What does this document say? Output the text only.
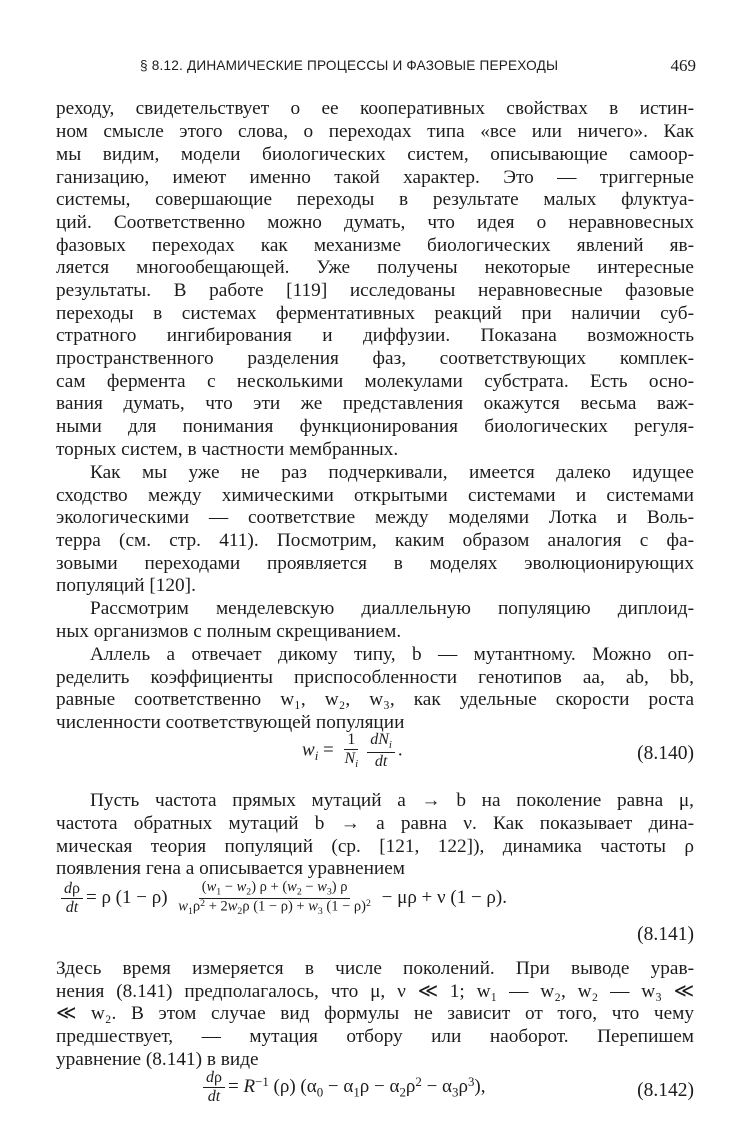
§ 8.12. ДИНАМИЧЕСКИЕ ПРОЦЕССЫ И ФАЗОВЫЕ ПЕРЕХОДЫ	469
реходу, свидетельствует о ее кооперативных свойствах в истин-
ном смысле этого слова, о переходах типа «все или ничего». Как
мы видим, модели биологических систем, описывающие самоор-
ганизацию, имеют именно такой характер. Это — триггерные
системы, совершающие переходы в результате малых флуктуа-
ций. Соответственно можно думать, что идея о неравновесных
фазовых переходах как механизме биологических явлений яв-
ляется многообещающей. Уже получены некоторые интересные
результаты. В работе [119] исследованы неравновесные фазовые
переходы в системах ферментативных реакций при наличии суб-
стратного ингибирования и диффузии. Показана возможность
пространственного разделения фаз, соответствующих комплек-
сам фермента с несколькими молекулами субстрата. Есть осно-
вания думать, что эти же представления окажутся весьма важ-
ными для понимания функционирования биологических регуля-
торных систем, в частности мембранных.
Как мы уже не раз подчеркивали, имеется далеко идущее
сходство между химическими открытыми системами и системами
экологическими — соответствие между моделями Лотка и Воль-
терра (см. стр. 411). Посмотрим, каким образом аналогия с фа-
зовыми переходами проявляется в моделях эволюционирующих
популяций [120].
Рассмотрим менделевскую диаллельную популяцию диплоид-
ных организмов с полным скрещиванием.
Аллель a отвечает дикому типу, b — мутантному. Можно оп-
ределить коэффициенты приспособленности генотипов aa, ab, bb,
равные соответственно w₁, w₂, w₃, как удельные скорости роста
численности соответствующей популяции
$w_i = \frac{1}{N_i} \frac{dN_i}{dt}$ .	(8.140)
Пусть частота прямых мутаций a → b на поколение равна μ,
частота обратных мутаций b → a равна ν. Как показывает дина-
мическая теория популяций (ср. [121, 122]), динамика частоты ρ
появления гена a описывается уравнением
$\frac{d\rho}{dt} = \rho$ $(1 - \rho) \frac{(w_1 - w_2) \rho + (w_2 - w_3) \rho}{w_1\rho^2 + 2w_2\rho (1 - \rho) + w_3 (1 - \rho)^2} - \mu\rho + \nu$ (1 − ρ).
(8.141)
Здесь время измеряется в числе поколений. При выводе урав-
нения (8.141) предполагалось, что μ, ν ≪ 1; w₁ — w₂, w₂ — w₃ ≪
≪ w₂. В этом случае вид формулы не зависит от того, что чему
предшествует, — мутация отбору или наоборот. Перепишем
уравнение (8.141) в виде
$\frac{d\rho}{dt} = R^{-1}$ (ρ) $(\alpha_0 - \alpha_1\rho - \alpha_2\rho^2 - \alpha_3\rho^3)$,	(8.142)
